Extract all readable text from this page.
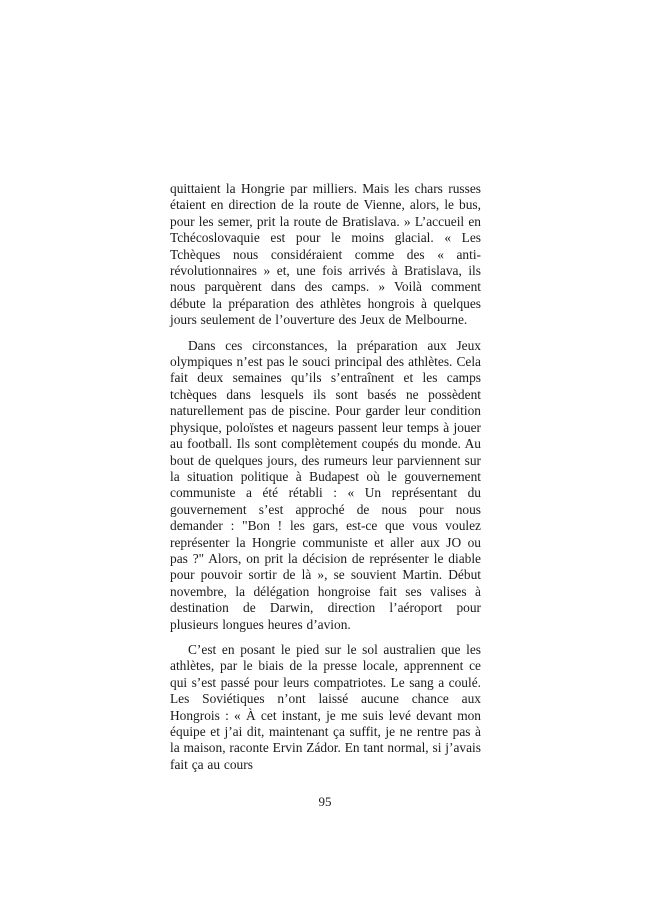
quittaient la Hongrie par milliers. Mais les chars russes étaient en direction de la route de Vienne, alors, le bus, pour les semer, prit la route de Bratislava. » L’accueil en Tchécoslovaquie est pour le moins glacial. « Les Tchèques nous considéraient comme des « anti-révolutionnaires » et, une fois arrivés à Bratislava, ils nous parquèrent dans des camps. » Voilà comment débute la préparation des athlètes hongrois à quelques jours seulement de l’ouverture des Jeux de Melbourne.

Dans ces circonstances, la préparation aux Jeux olympiques n’est pas le souci principal des athlètes. Cela fait deux semaines qu’ils s’entraînent et les camps tchèques dans lesquels ils sont basés ne possèdent naturellement pas de piscine. Pour garder leur condition physique, poloïstes et nageurs passent leur temps à jouer au football. Ils sont complètement coupés du monde. Au bout de quelques jours, des rumeurs leur parviennent sur la situation politique à Budapest où le gouvernement communiste a été rétabli : « Un représentant du gouvernement s’est approché de nous pour nous demander : "Bon ! les gars, est-ce que vous voulez représenter la Hongrie communiste et aller aux JO ou pas ?" Alors, on prit la décision de représenter le diable pour pouvoir sortir de là », se souvient Martin. Début novembre, la délégation hongroise fait ses valises à destination de Darwin, direction l’aéroport pour plusieurs longues heures d’avion.

C’est en posant le pied sur le sol australien que les athlètes, par le biais de la presse locale, apprennent ce qui s’est passé pour leurs compatriotes. Le sang a coulé. Les Soviétiques n’ont laissé aucune chance aux Hongrois : « À cet instant, je me suis levé devant mon équipe et j’ai dit, maintenant ça suffit, je ne rentre pas à la maison, raconte Ervin Zádor. En tant normal, si j’avais fait ça au cours

95
